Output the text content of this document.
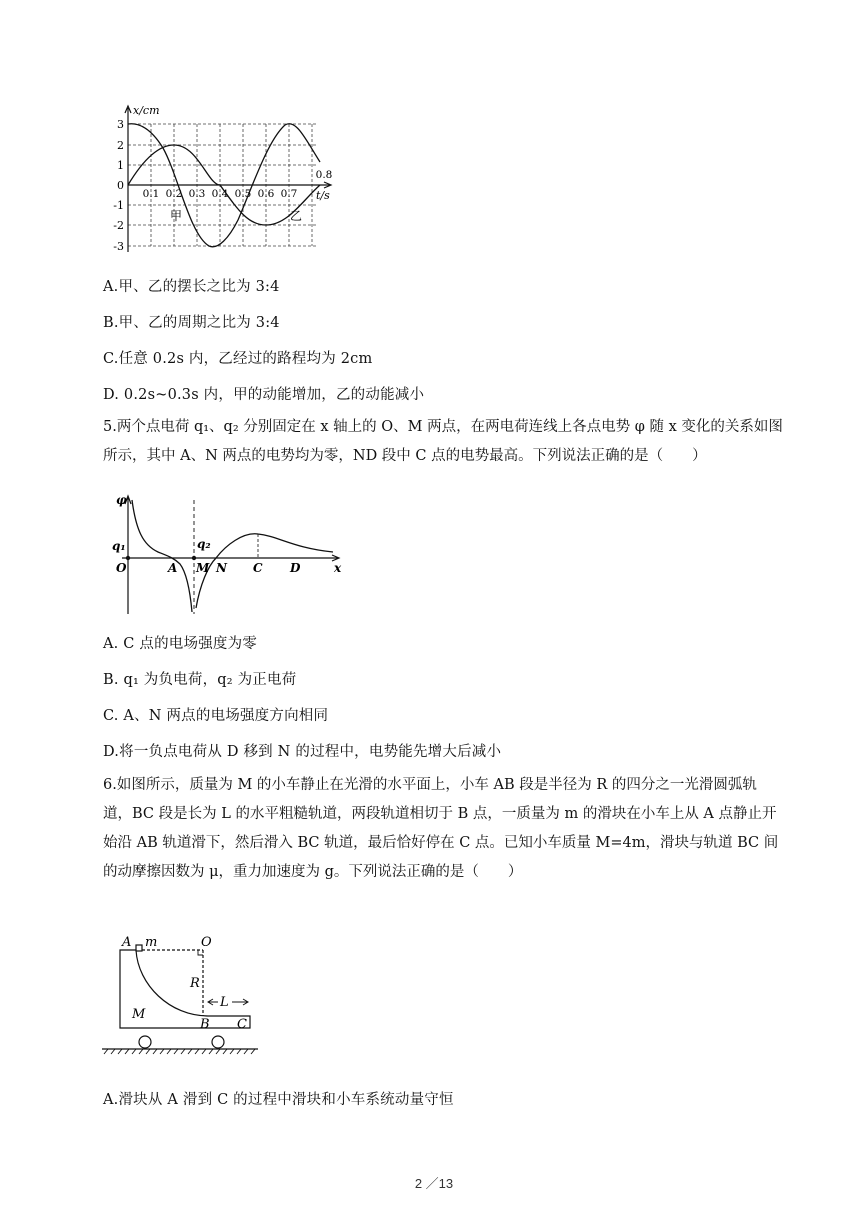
x/cm
t/s
3
2
1
0
-1
-2
-3
0.1 0.2 0.3 0.4 0.5 0.6 0.7
0.8
甲	乙
A.甲、乙的摆长之比为 3:4
B.甲、乙的周期之比为 3:4
C.任意 0.2s 内，乙经过的路程均为 2cm
D. 0.2s~0.3s 内，甲的动能增加，乙的动能减小
5.两个点电荷 q₁、q₂ 分别固定在 x 轴上的 O、M 两点，在两电荷连线上各点电势 φ 随 x 变化的关系如图所示，其中 A、N 两点的电势均为零，ND 段中 C 点的电势最高。下列说法正确的是（　　）
φ
q₁	q₂
O	A M N C D	x
A. C 点的电场强度为零
B. q₁ 为负电荷，q₂ 为正电荷
C. A、N 两点的电场强度方向相同
D.将一负点电荷从 D 移到 N 的过程中，电势能先增大后减小
6.如图所示，质量为 M 的小车静止在光滑的水平面上，小车 AB 段是半径为 R 的四分之一光滑圆弧轨道，BC 段是长为 L 的水平粗糙轨道，两段轨道相切于 B 点，一质量为 m 的滑块在小车上从 A 点静止开始沿 AB 轨道滑下，然后滑入 BC 轨道，最后恰好停在 C 点。已知小车质量 M=4m，滑块与轨道 BC 间的动摩擦因数为 μ，重力加速度为 g。下列说法正确的是（　　）
A m	O
R
L
M
B C
A.滑块从 A 滑到 C 的过程中滑块和小车系统动量守恒
2 ／13
